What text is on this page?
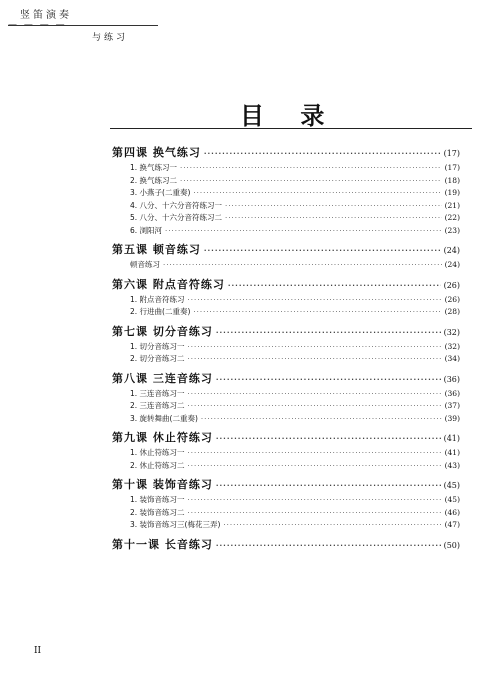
竖笛演奏
— — — —
与练习
目 录
第四课 换气练习 ·····	(17)
1. 换气练习一 ·····	(17)
2. 换气练习二 ·····	(18)
3. 小燕子(二重奏) ·····	(19)
4. 八分、十六分音符练习一 ·····	(21)
5. 八分、十六分音符练习二 ·····	(22)
6. 浏阳河 ·····	(23)
第五课 顿音练习 ·····	(24)
顿音练习 ·····	(24)
第六课 附点音符练习 ·····	(26)
1. 附点音符练习 ·····	(26)
2. 行进曲(二重奏) ·····	(28)
第七课 切分音练习 ·····	(32)
1. 切分音练习一 ·····	(32)
2. 切分音练习二 ·····	(34)
第八课 三连音练习 ·····	(36)
1. 三连音练习一 ·····	(36)
2. 三连音练习二 ·····	(37)
3. 旋转舞曲(二重奏) ·····	(39)
第九课 休止符练习 ·····	(41)
1. 休止符练习一 ·····	(41)
2. 休止符练习二 ·····	(43)
第十课 装饰音练习 ·····	(45)
1. 装饰音练习一 ·····	(45)
2. 装饰音练习二 ·····	(46)
3. 装饰音练习三(梅花三弄) ·····	(47)
第十一课 长音练习 ·····	(50)
II
